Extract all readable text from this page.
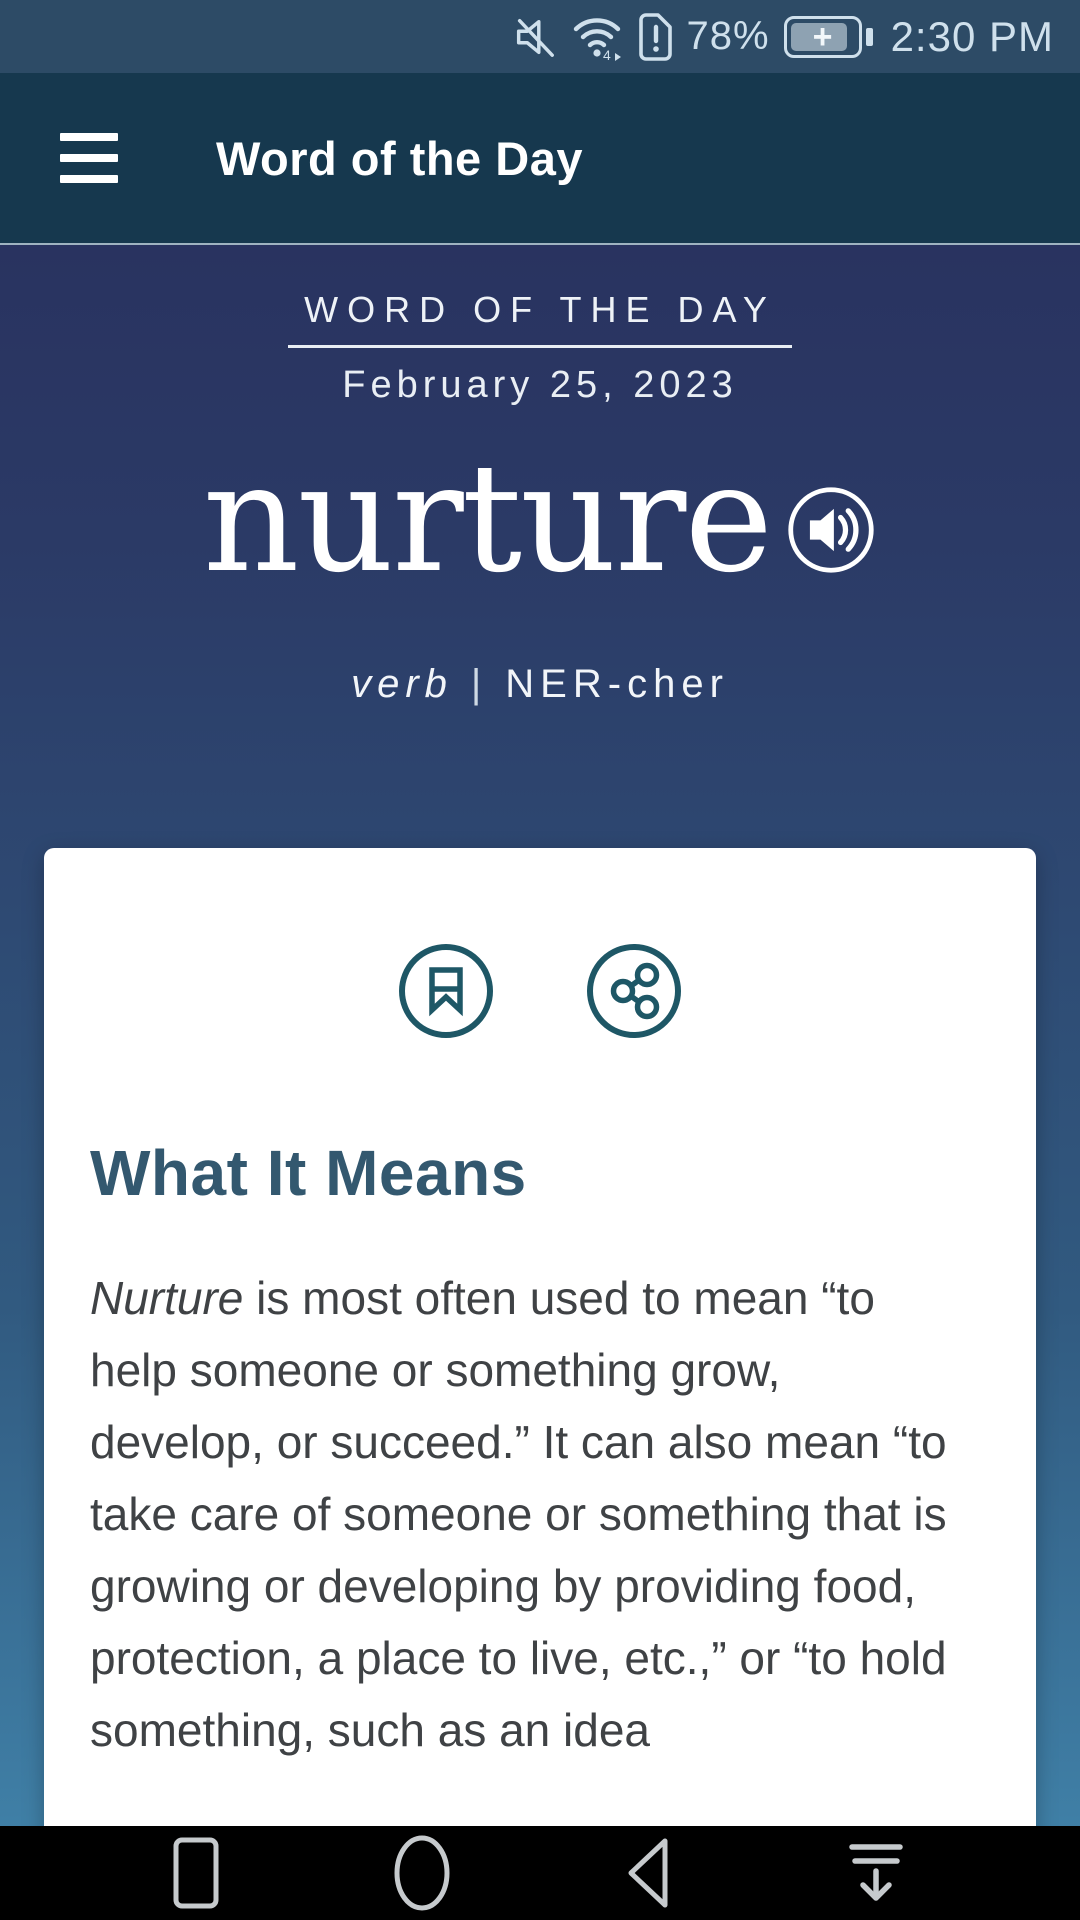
4 78% + 2:30 PM
Word of the Day
WORD OF THE DAY
February 25, 2023
nurture
verb | NER-cher
What It Means
Nurture is most often used to mean “to help someone or something grow, develop, or succeed.” It can also mean “to take care of someone or something that is growing or developing by providing food, protection, a place to live, etc.,” or “to hold something, such as an idea
